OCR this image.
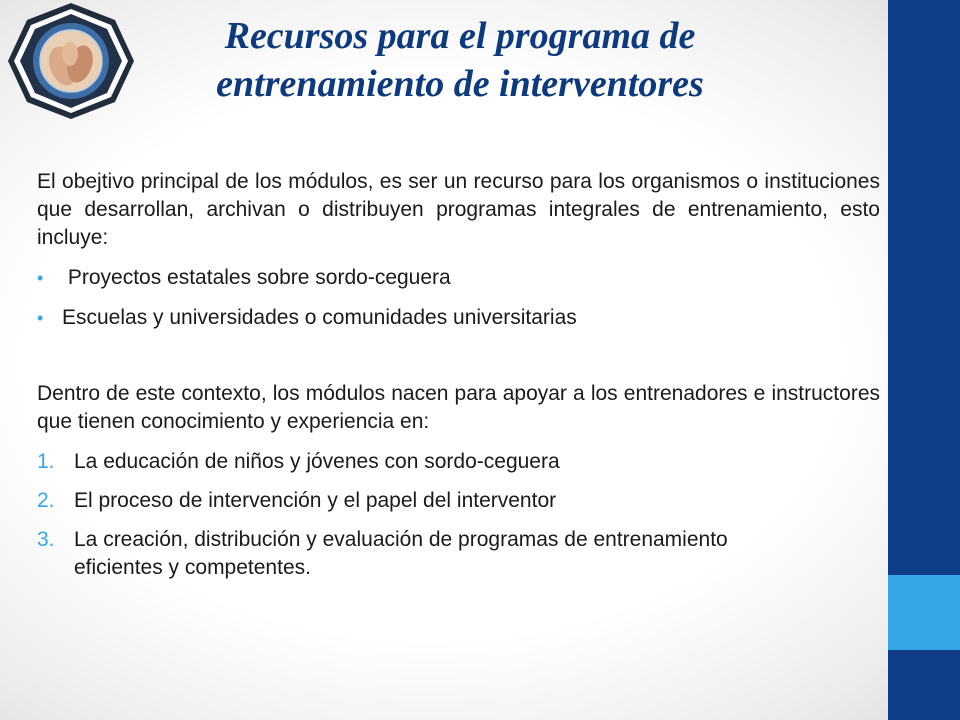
Recursos para el programa de
entrenamiento de interventores

El obejtivo principal de los módulos, es ser un recurso para los organismos o instituciones que desarrollan, archivan o distribuyen programas integrales de entrenamiento, esto incluye:

• Proyectos estatales sobre sordo-ceguera
• Escuelas y universidades o comunidades universitarias

Dentro de este contexto, los módulos nacen para apoyar a los entrenadores e instructores que tienen conocimiento y experiencia en:

1. La educación de niños y jóvenes con sordo-ceguera
2. El proceso de intervención y el papel del interventor
3. La creación, distribución y evaluación de programas de entrenamiento eficientes y competentes.
